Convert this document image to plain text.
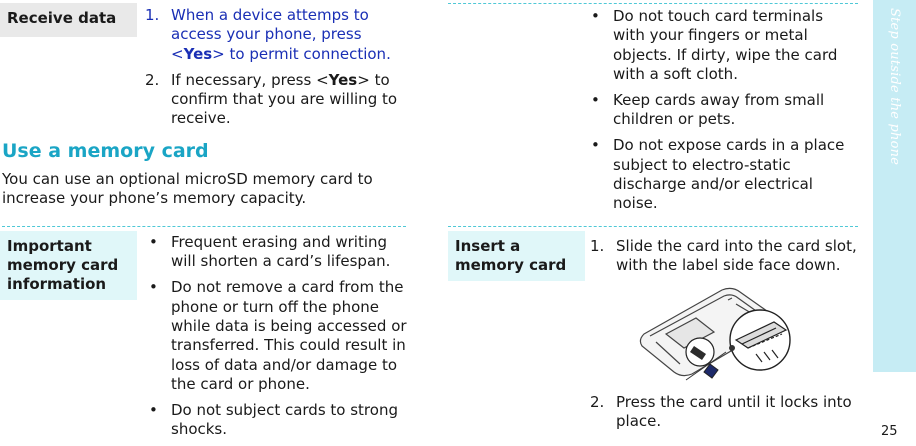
Receive data	1. When a device attemps to access your phone, press <Yes> to permit connection.
2. If necessary, press <Yes> to confirm that you are willing to receive.
Use a memory card
You can use an optional microSD memory card to increase your phone’s memory capacity.
Important memory card information
• Frequent erasing and writing will shorten a card’s lifespan.
• Do not remove a card from the phone or turn off the phone while data is being accessed or transferred. This could result in loss of data and/or damage to the card or phone.
• Do not subject cards to strong shocks.
• Do not touch card terminals with your fingers or metal objects. If dirty, wipe the card with a soft cloth.
• Keep cards away from small children or pets.
• Do not expose cards in a place subject to electro-static discharge and/or electrical noise.
Insert a memory card
1. Slide the card into the card slot, with the label side face down.
2. Press the card until it locks into place.
Step outside the phone
25
